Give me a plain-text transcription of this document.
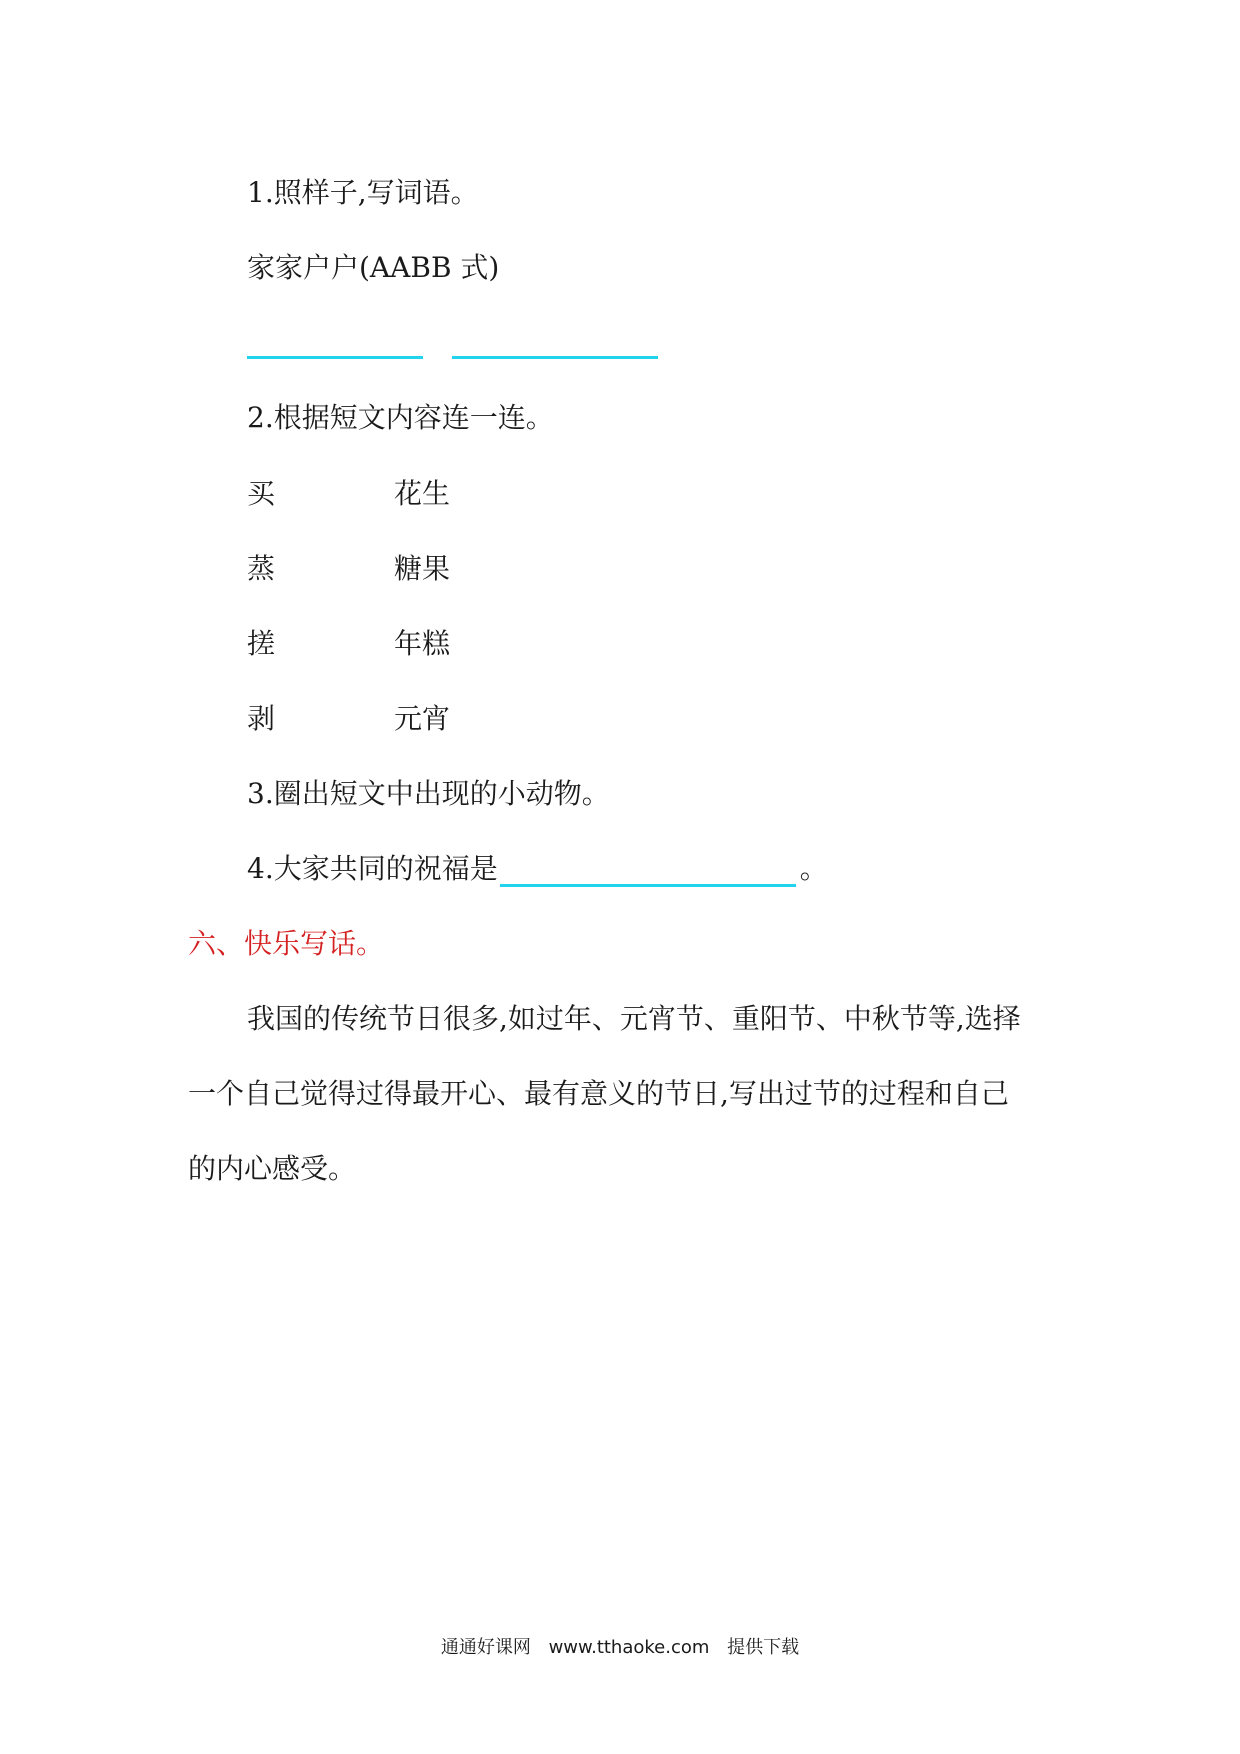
1.照样子,写词语。
家家户户(AABB 式)
2.根据短文内容连一连。
买	花生
蒸	糖果
搓	年糕
剥	元宵
3.圈出短文中出现的小动物。
4.大家共同的祝福是	。
六、快乐写话。
我国的传统节日很多,如过年、元宵节、重阳节、中秋节等,选择
一个自己觉得过得最开心、最有意义的节日,写出过节的过程和自己
的内心感受。
通通好课网 www.tthaoke.com 提供下载
